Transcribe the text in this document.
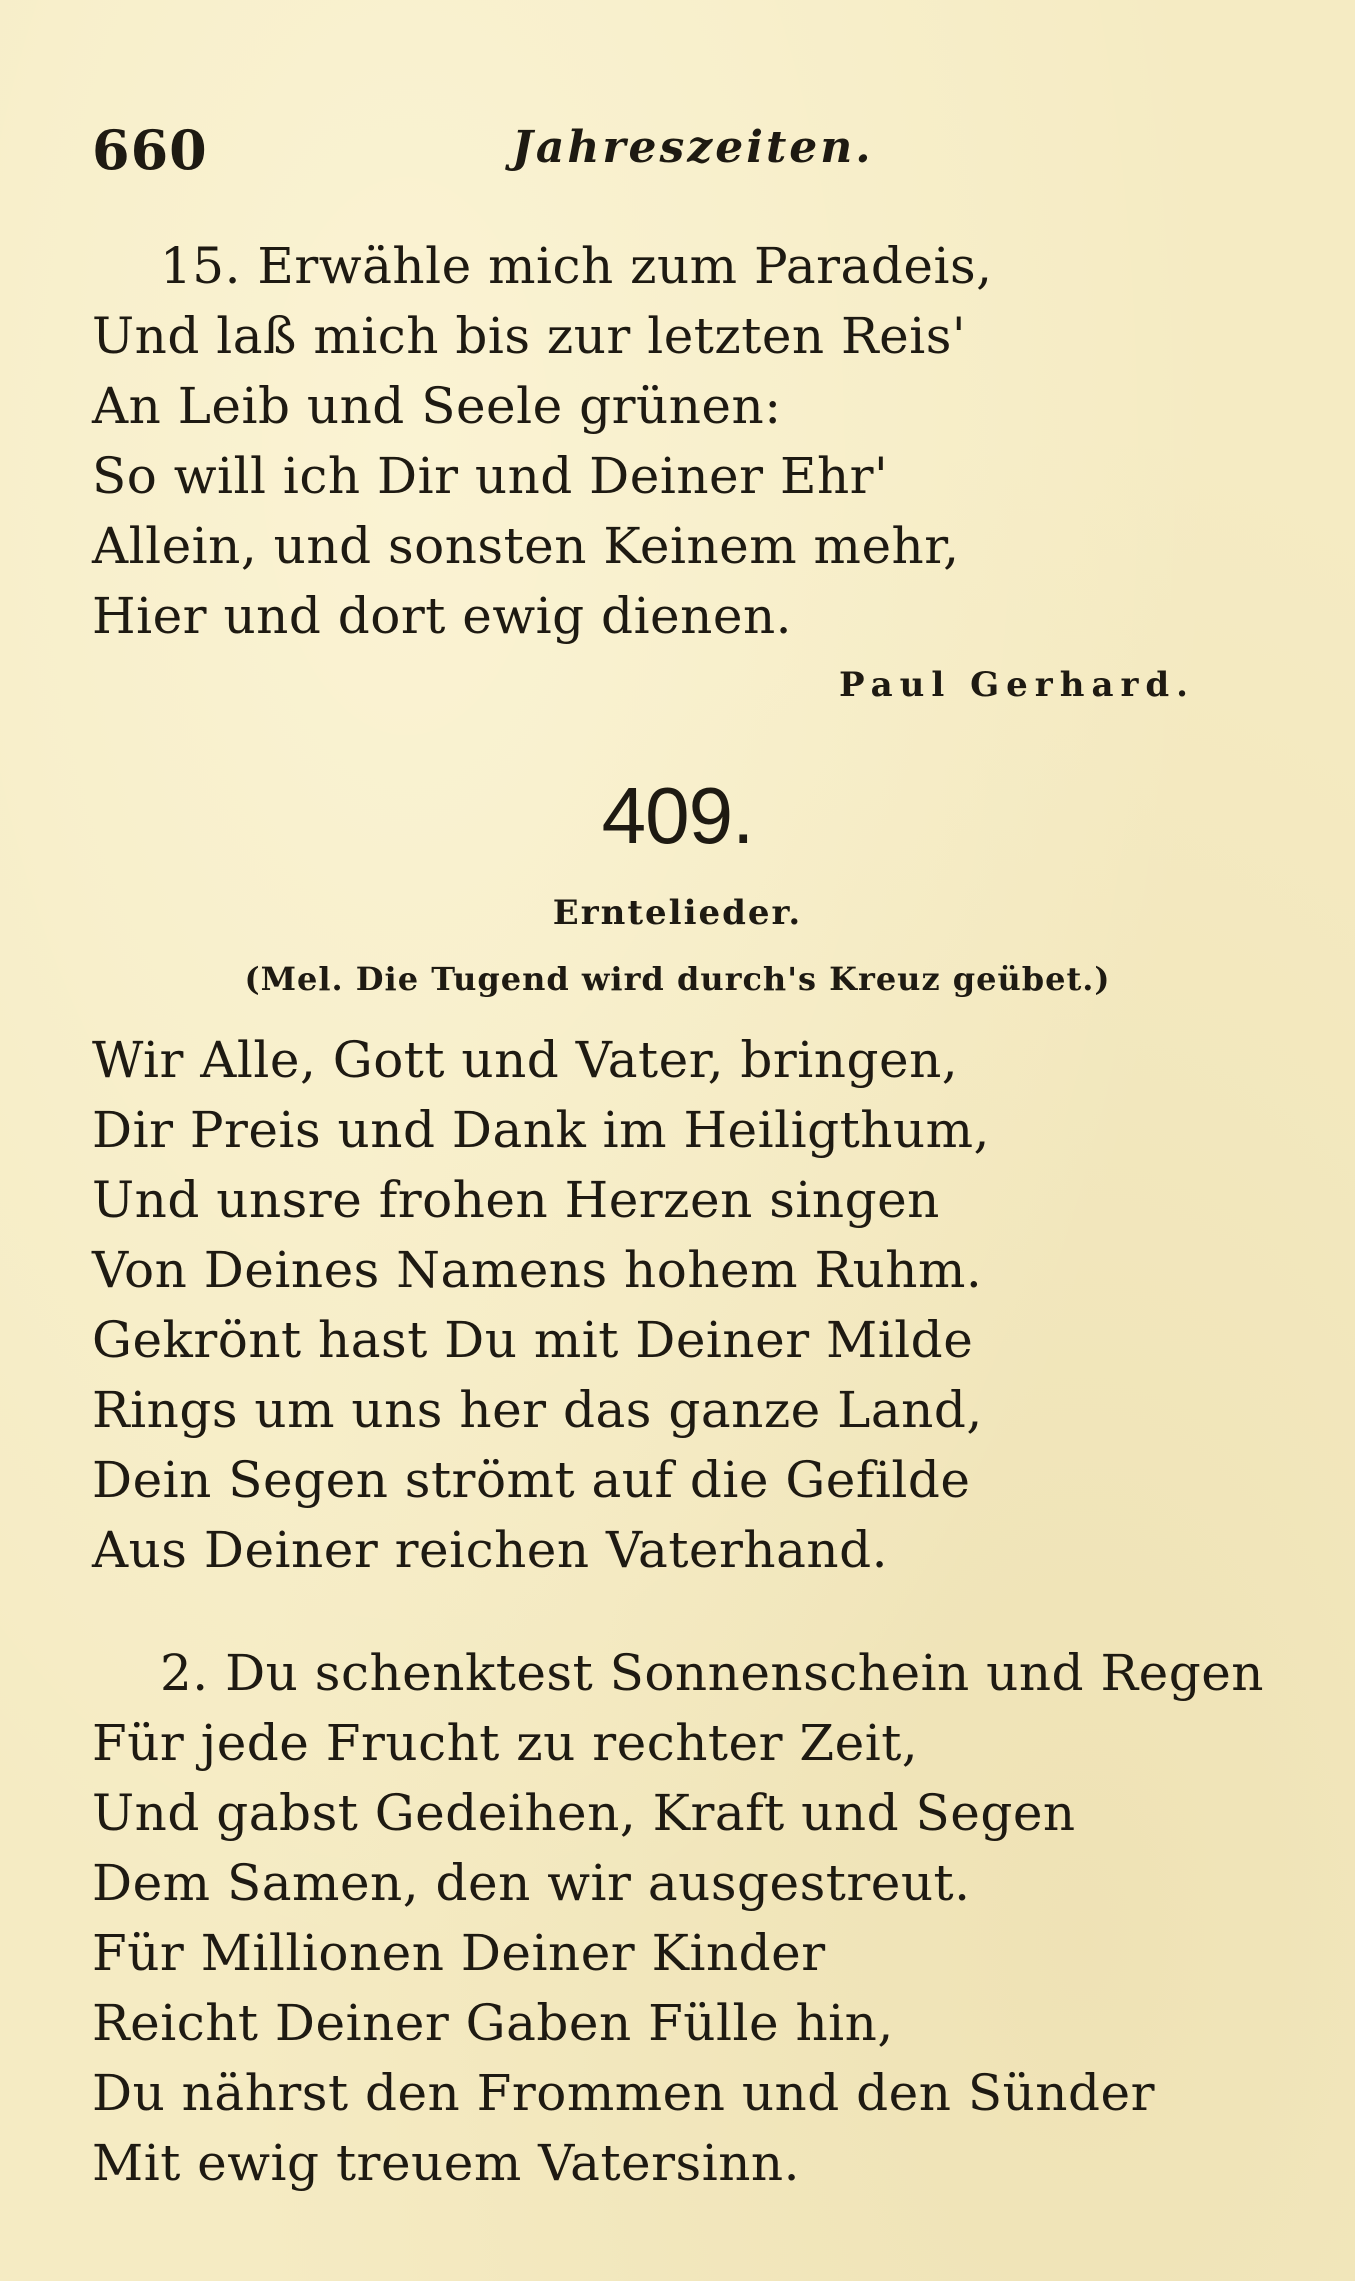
660	Jahreszeiten.
15. Erwähle mich zum Paradeis,
Und laß mich bis zur letzten Reis'
An Leib und Seele grünen:
So will ich Dir und Deiner Ehr'
Allein, und sonsten Keinem mehr,
Hier und dort ewig dienen.
Paul Gerhard.
409.
Erntelieder.
(Mel. Die Tugend wird durch's Kreuz geübet.)
Wir Alle, Gott und Vater, bringen,
Dir Preis und Dank im Heiligthum,
Und unsre frohen Herzen singen
Von Deines Namens hohem Ruhm.
Gekrönt hast Du mit Deiner Milde
Rings um uns her das ganze Land,
Dein Segen strömt auf die Gefilde
Aus Deiner reichen Vaterhand.
2. Du schenktest Sonnenschein und Regen
Für jede Frucht zu rechter Zeit,
Und gabst Gedeihen, Kraft und Segen
Dem Samen, den wir ausgestreut.
Für Millionen Deiner Kinder
Reicht Deiner Gaben Fülle hin,
Du nährst den Frommen und den Sünder
Mit ewig treuem Vatersinn.
